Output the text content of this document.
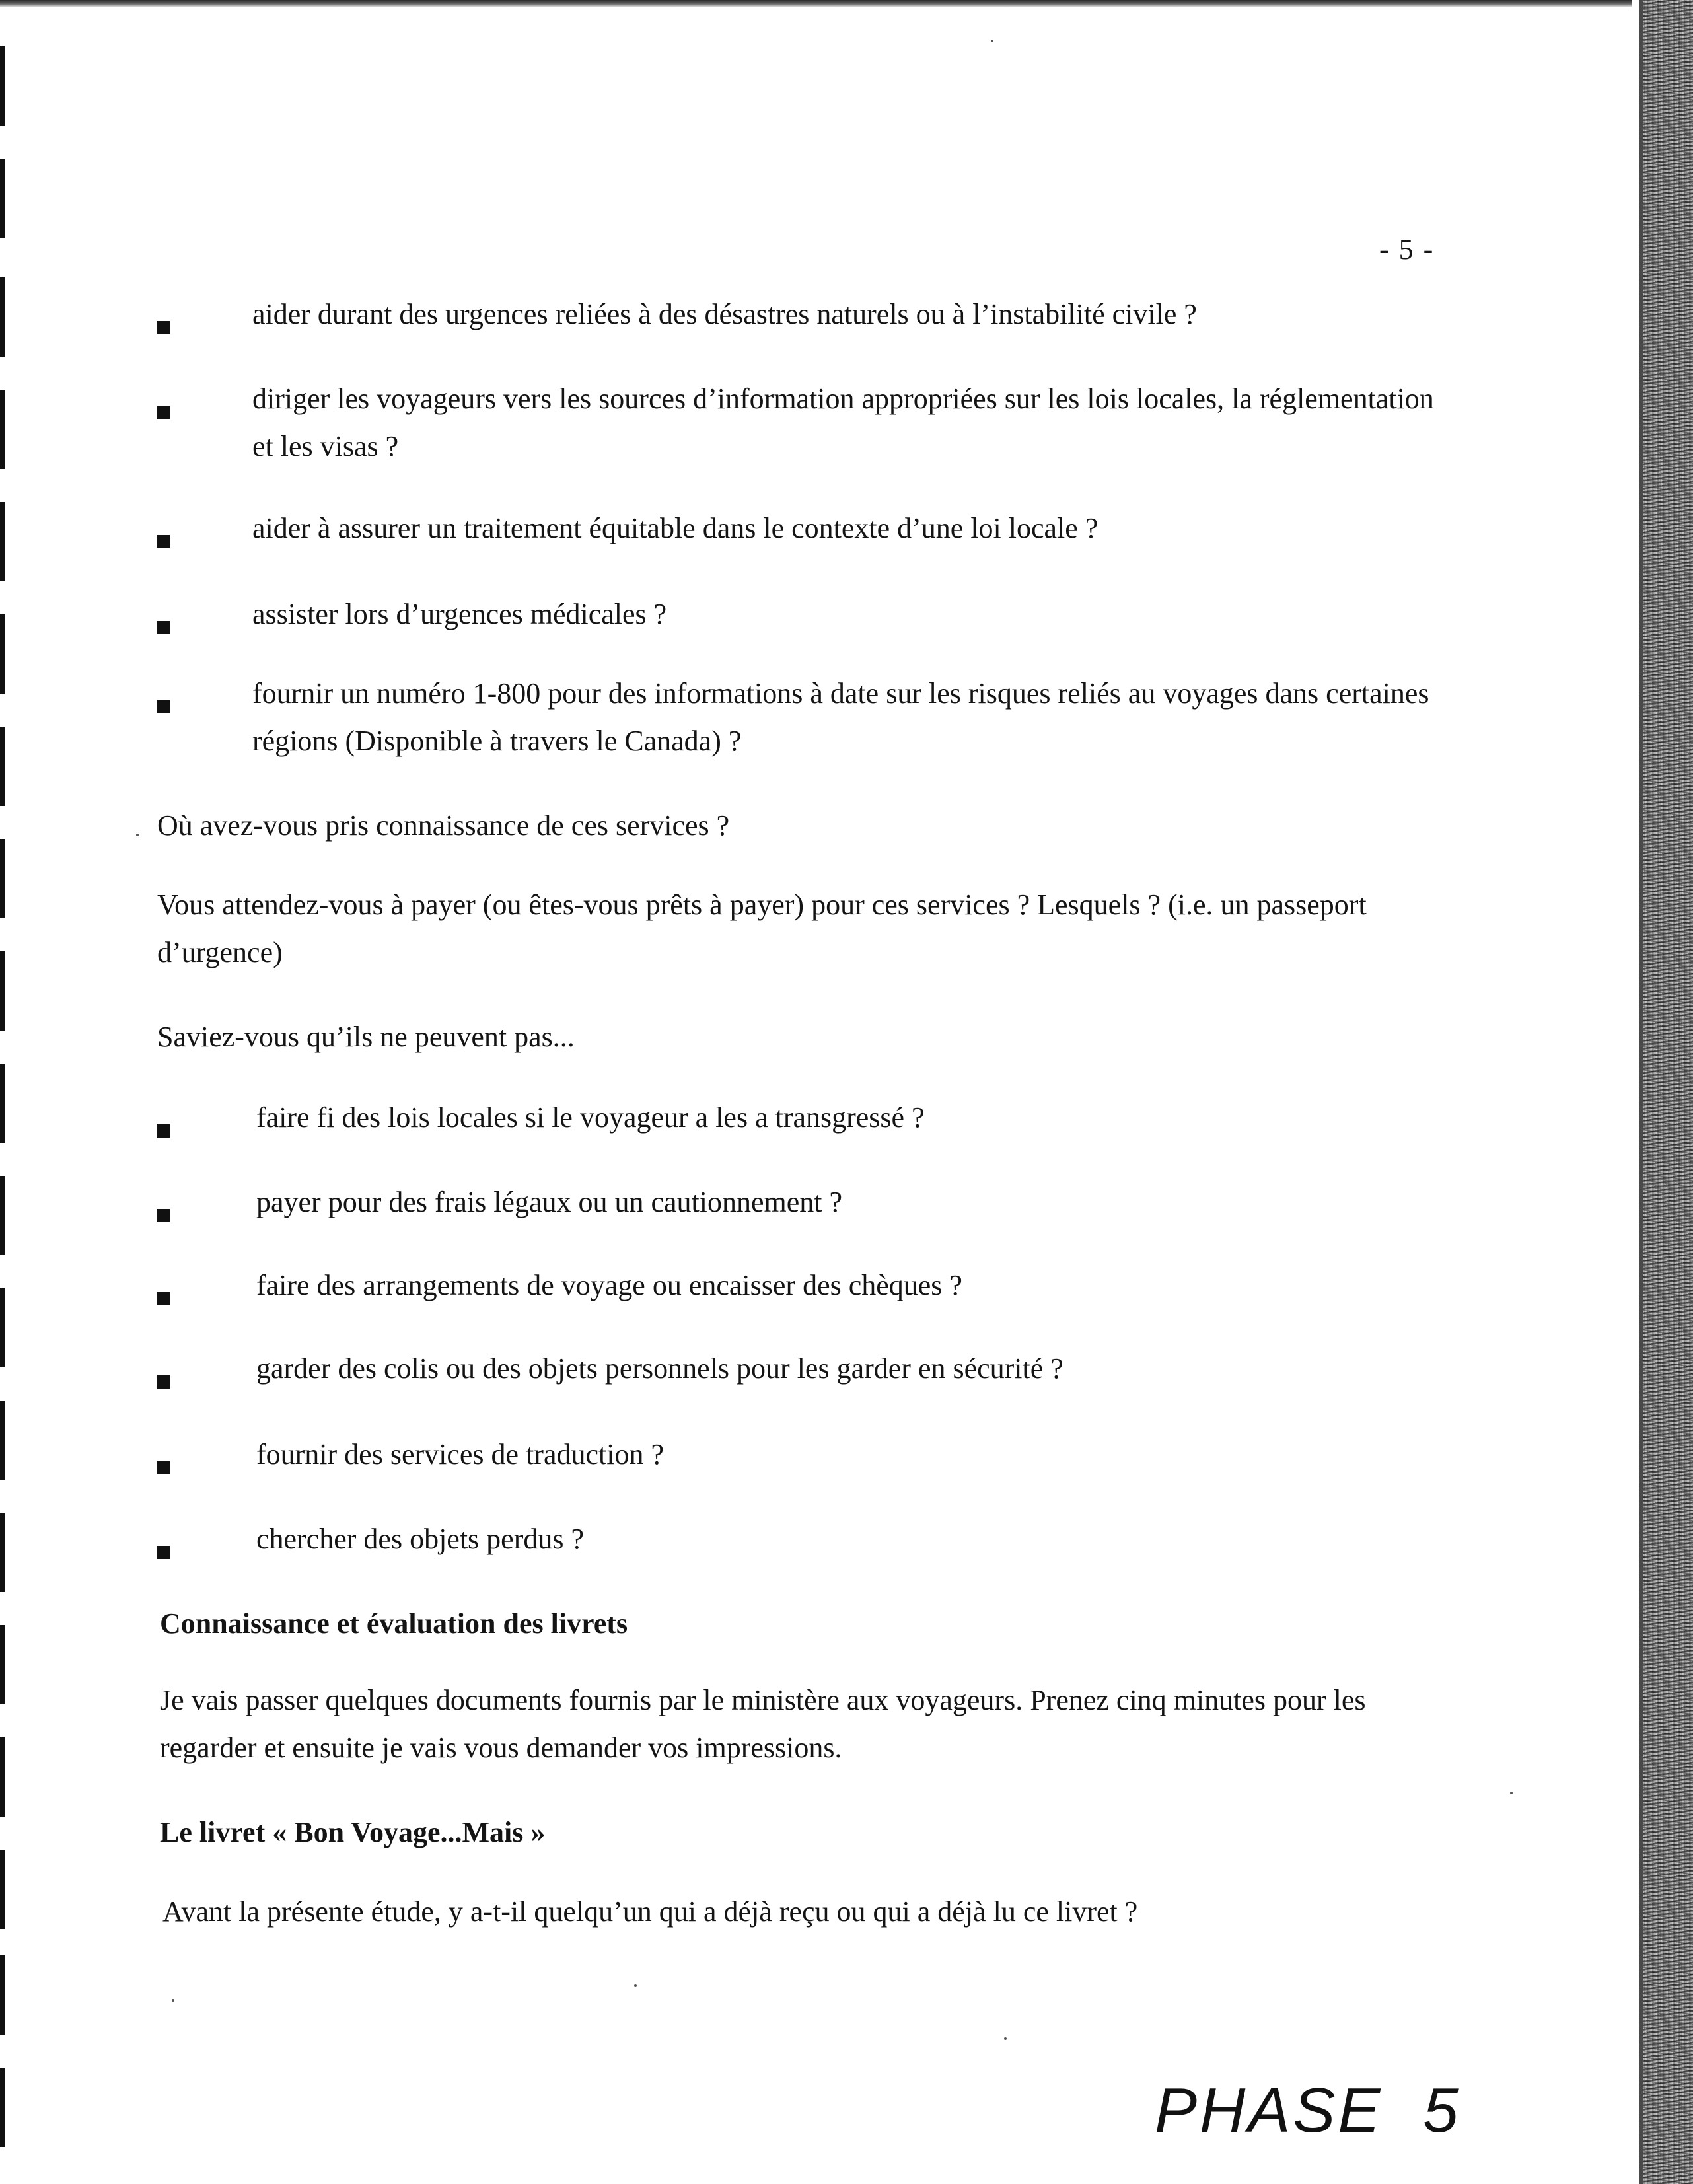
- 5 -
aider durant des urgences reliées à des désastres naturels ou à l’instabilité civile ?
diriger les voyageurs vers les sources d’information appropriées sur les lois locales, la réglementation et les visas ?
aider à assurer un traitement équitable dans le contexte d’une loi locale ?
assister lors d’urgences médicales ?
fournir un numéro 1-800 pour des informations à date sur les risques reliés au voyages dans certaines régions (Disponible à travers le Canada) ?
Où avez-vous pris connaissance de ces services ?
Vous attendez-vous à payer (ou êtes-vous prêts à payer) pour ces services ? Lesquels ? (i.e. un passeport d’urgence)
Saviez-vous qu’ils ne peuvent pas...
faire fi des lois locales si le voyageur a les a transgressé ?
payer pour des frais légaux ou un cautionnement ?
faire des arrangements de voyage ou encaisser des chèques ?
garder des colis ou des objets personnels pour les garder en sécurité ?
fournir des services de traduction ?
chercher des objets perdus ?
Connaissance et évaluation des livrets
Je vais passer quelques documents fournis par le ministère aux voyageurs. Prenez cinq minutes pour les regarder et ensuite je vais vous demander vos impressions.
Le livret « Bon Voyage...Mais »
Avant la présente étude, y a-t-il quelqu’un qui a déjà reçu ou qui a déjà lu ce livret ?
PHASE 5
